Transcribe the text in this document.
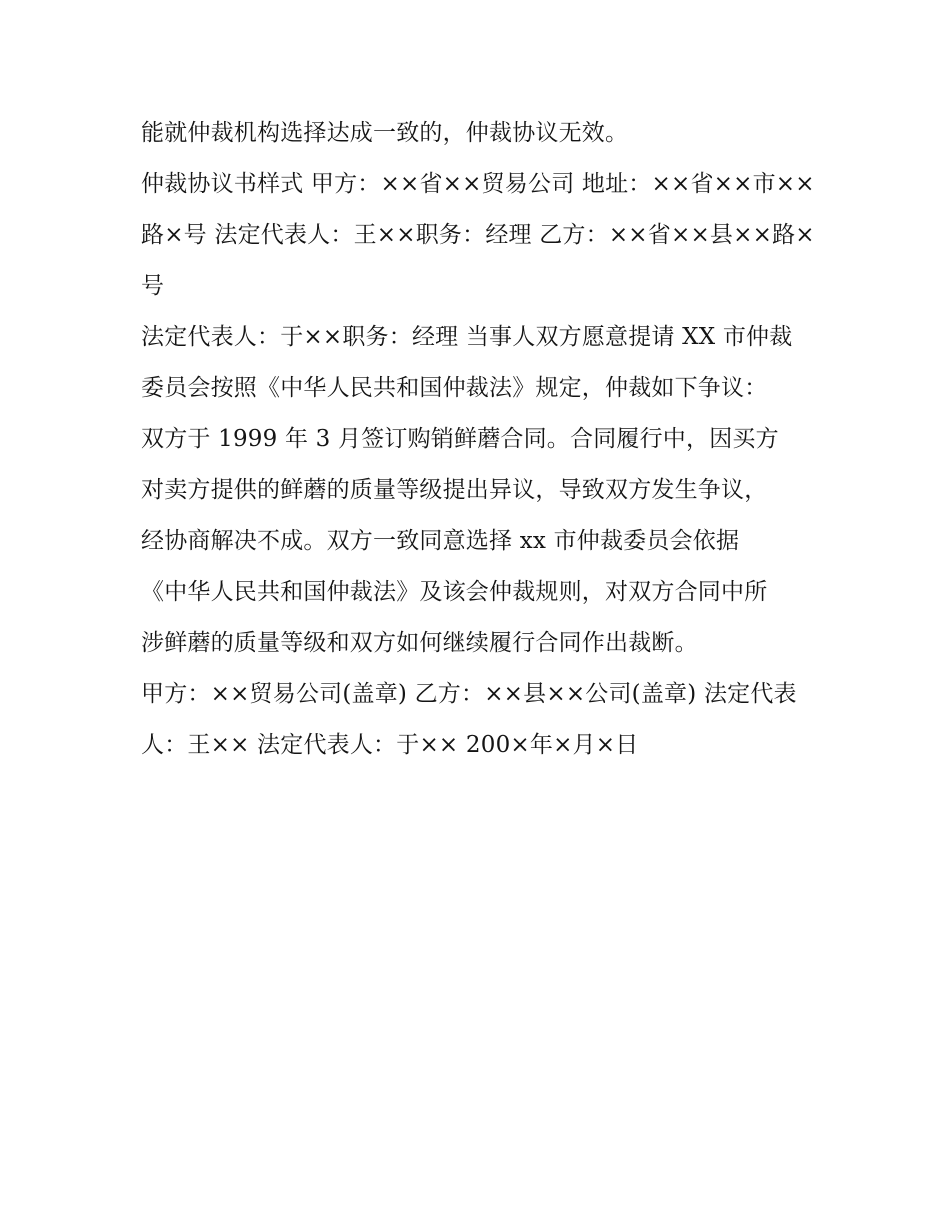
能就仲裁机构选择达成一致的，仲裁协议无效。
仲裁协议书样式 甲方：××省××贸易公司 地址：××省××市××
路×号 法定代表人：王××职务：经理 乙方：××省××县××路×
号
法定代表人：于××职务：经理 当事人双方愿意提请 XX 市仲裁
委员会按照《中华人民共和国仲裁法》规定，仲裁如下争议：
双方于 1999 年 3 月签订购销鲜蘑合同。合同履行中，因买方
对卖方提供的鲜蘑的质量等级提出异议，导致双方发生争议，
经协商解决不成。双方一致同意选择 xx 市仲裁委员会依据
《中华人民共和国仲裁法》及该会仲裁规则，对双方合同中所
涉鲜蘑的质量等级和双方如何继续履行合同作出裁断。
甲方：××贸易公司(盖章) 乙方：××县××公司(盖章) 法定代表
人：王×× 法定代表人：于×× 200×年×月×日
